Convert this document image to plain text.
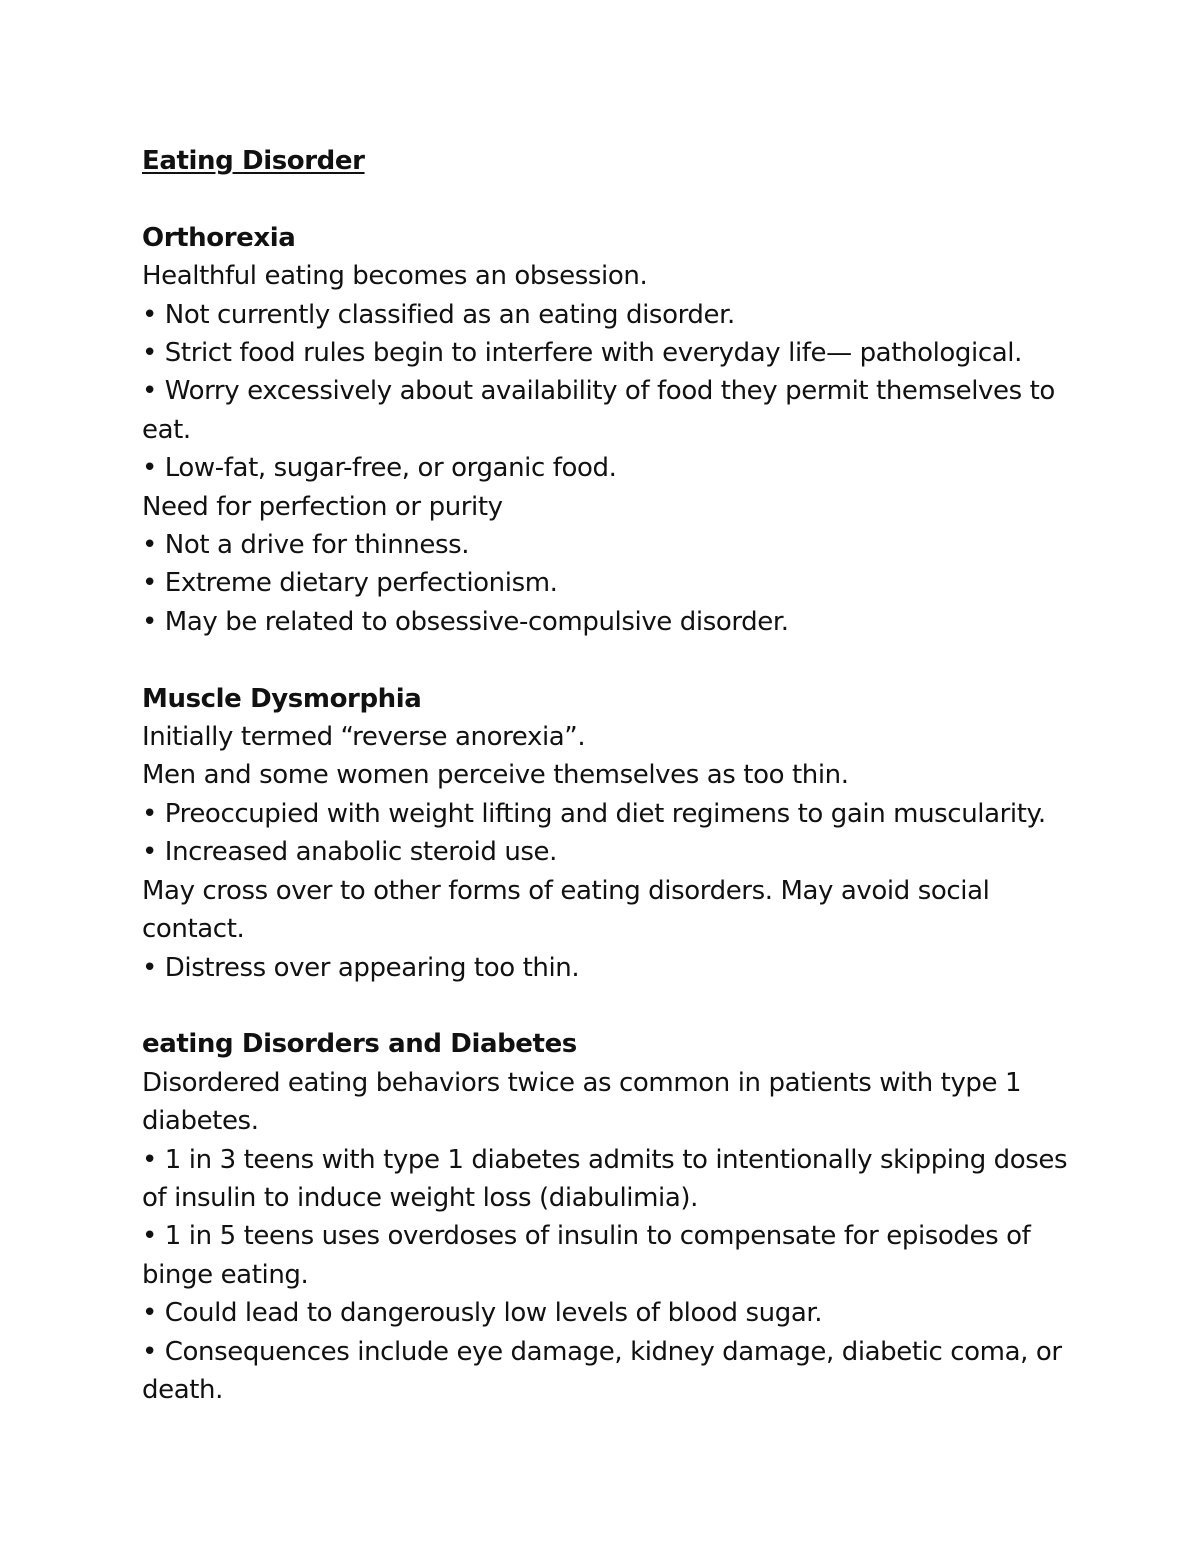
Eating Disorder

Orthorexia

Healthful eating becomes an obsession.

• Not currently classified as an eating disorder.

• Strict food rules begin to interfere with everyday life— pathological.

• Worry excessively about availability of food they permit themselves to eat.

• Low-fat, sugar-free, or organic food.

Need for perfection or purity

• Not a drive for thinness.

• Extreme dietary perfectionism.

• May be related to obsessive-compulsive disorder.

Muscle Dysmorphia

Initially termed “reverse anorexia”.

Men and some women perceive themselves as too thin.

• Preoccupied with weight lifting and diet regimens to gain muscularity.

• Increased anabolic steroid use.

May cross over to other forms of eating disorders. May avoid social contact.

• Distress over appearing too thin.

eating Disorders and Diabetes

Disordered eating behaviors twice as common in patients with type 1 diabetes.

• 1 in 3 teens with type 1 diabetes admits to intentionally skipping doses of insulin to induce weight loss (diabulimia).

• 1 in 5 teens uses overdoses of insulin to compensate for episodes of binge eating.

• Could lead to dangerously low levels of blood sugar.

• Consequences include eye damage, kidney damage, diabetic coma, or death.
